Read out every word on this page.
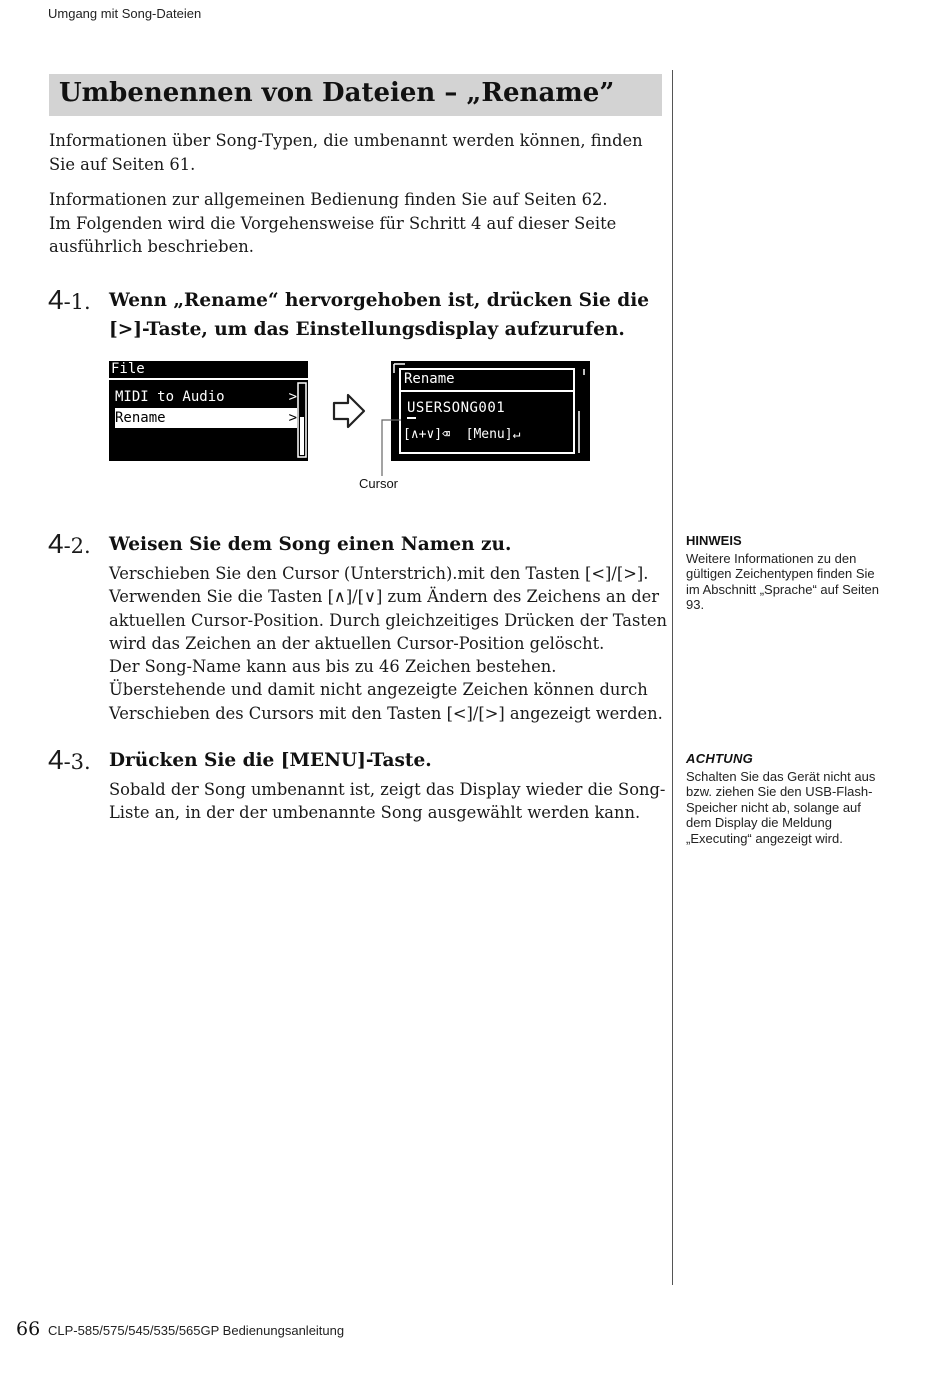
Umgang mit Song-Dateien
Umbenennen von Dateien – „Rename”

Informationen über Song-Typen, die umbenannt werden können, finden Sie auf Seiten 61.

Informationen zur allgemeinen Bedienung finden Sie auf Seiten 62.

Im Folgenden wird die Vorgehensweise für Schritt 4 auf dieser Seite ausführlich beschrieben.

4-1. Wenn „Rename“ hervorgehoben ist, drücken Sie die [>]-Taste, um das Einstellungsdisplay aufzurufen.

File
MIDI to Audio	>
Rename	>
Rename
USERSONG001
[∧+∨]⌫ [Menu]↵
Cursor
4-2. Weisen Sie dem Song einen Namen zu.

Verschieben Sie den Cursor (Unterstrich).mit den Tasten [<]/[>]. Verwenden Sie die Tasten [∧]/[∨] zum Ändern des Zeichens an der aktuellen Cursor-Position. Durch gleichzeitiges Drücken der Tasten wird das Zeichen an der aktuellen Cursor-Position gelöscht.

Der Song-Name kann aus bis zu 46 Zeichen bestehen. Überstehende und damit nicht angezeigte Zeichen können durch Verschieben des Cursors mit den Tasten [<]/[>] angezeigt werden.

4-3. Drücken Sie die [MENU]-Taste.

Sobald der Song umbenannt ist, zeigt das Display wieder die Song-Liste an, in der der umbenannte Song ausgewählt werden kann.

HINWEIS
Weitere Informationen zu den gültigen Zeichentypen finden Sie im Abschnitt „Sprache“ auf Seiten 93.
ACHTUNG
Schalten Sie das Gerät nicht aus bzw. ziehen Sie den USB-Flash-Speicher nicht ab, solange auf dem Display die Meldung „Executing“ angezeigt wird.
66 CLP-585/575/545/535/565GP Bedienungsanleitung
